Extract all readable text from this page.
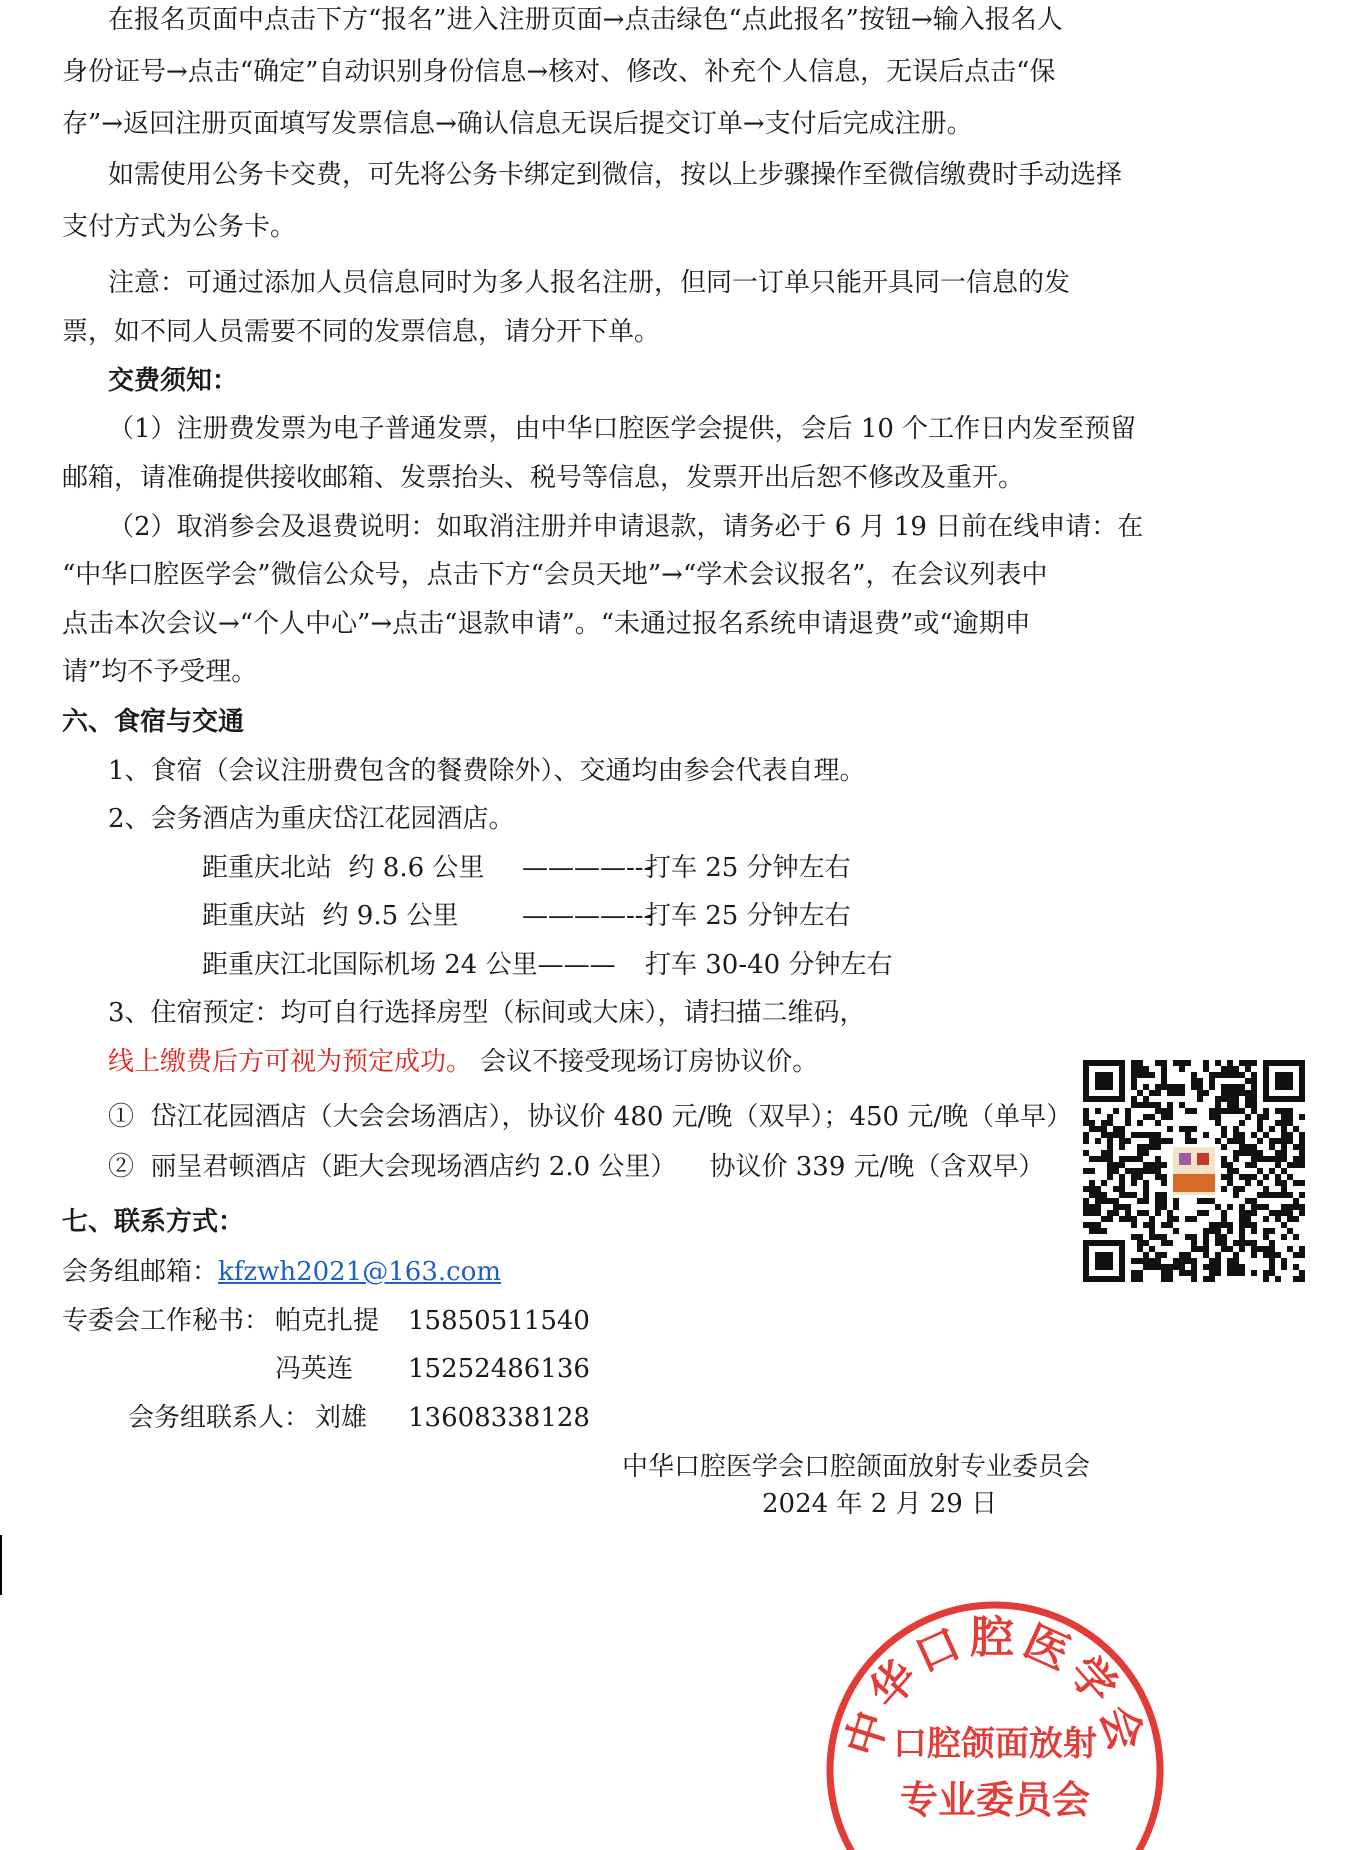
在报名页面中点击下方“报名”进入注册页面→点击绿色“点此报名”按钮→输入报名人
身份证号→点击“确定”自动识别身份信息→核对、修改、补充个人信息，无误后点击“保
存”→返回注册页面填写发票信息→确认信息无误后提交订单→支付后完成注册。
如需使用公务卡交费，可先将公务卡绑定到微信，按以上步骤操作至微信缴费时手动选择
支付方式为公务卡。
注意：可通过添加人员信息同时为多人报名注册，但同一订单只能开具同一信息的发
票，如不同人员需要不同的发票信息，请分开下单。
交费须知：
（1）注册费发票为电子普通发票，由中华口腔医学会提供，会后 10 个工作日内发至预留
邮箱，请准确提供接收邮箱、发票抬头、税号等信息，发票开出后恕不修改及重开。
（2）取消参会及退费说明：如取消注册并申请退款，请务必于 6 月 19 日前在线申请：在
“中华口腔医学会”微信公众号，点击下方“会员天地”→“学术会议报名”，在会议列表中
点击本次会议→“个人中心”→点击“退款申请”。“未通过报名系统申请退费”或“逾期申
请”均不予受理。
六、食宿与交通
1、食宿（会议注册费包含的餐费除外）、交通均由参会代表自理。
2、会务酒店为重庆岱江花园酒店。
距重庆北站  约 8.6 公里 ————---
打车 25 分钟左右
距重庆站  约 9.5 公里 ————---
打车 25 分钟左右
距重庆江北国际机场 24 公里——— 打车 30-40 分钟左右
3、住宿预定：均可自行选择房型（标间或大床），请扫描二维码，
线上缴费后方可视为预定成功。 会议不接受现场订房协议价。
①  岱江花园酒店（大会会场酒店），协议价 480 元/晚（双早）；450 元/晚（单早）
②  丽呈君顿酒店（距大会现场酒店约 2.0 公里）    协议价 339 元/晚（含双早）
七、联系方式：
会务组邮箱：kfzwh2021@163.com
专委会工作秘书： 帕克扎提 15850511540
冯英连 15252486136
会务组联系人： 刘雄 13608338128
中华口腔医学会口腔颌面放射专业委员会
2024 年 2 月 29 日
中华口腔医学会
口腔颌面放射
专业委员会
